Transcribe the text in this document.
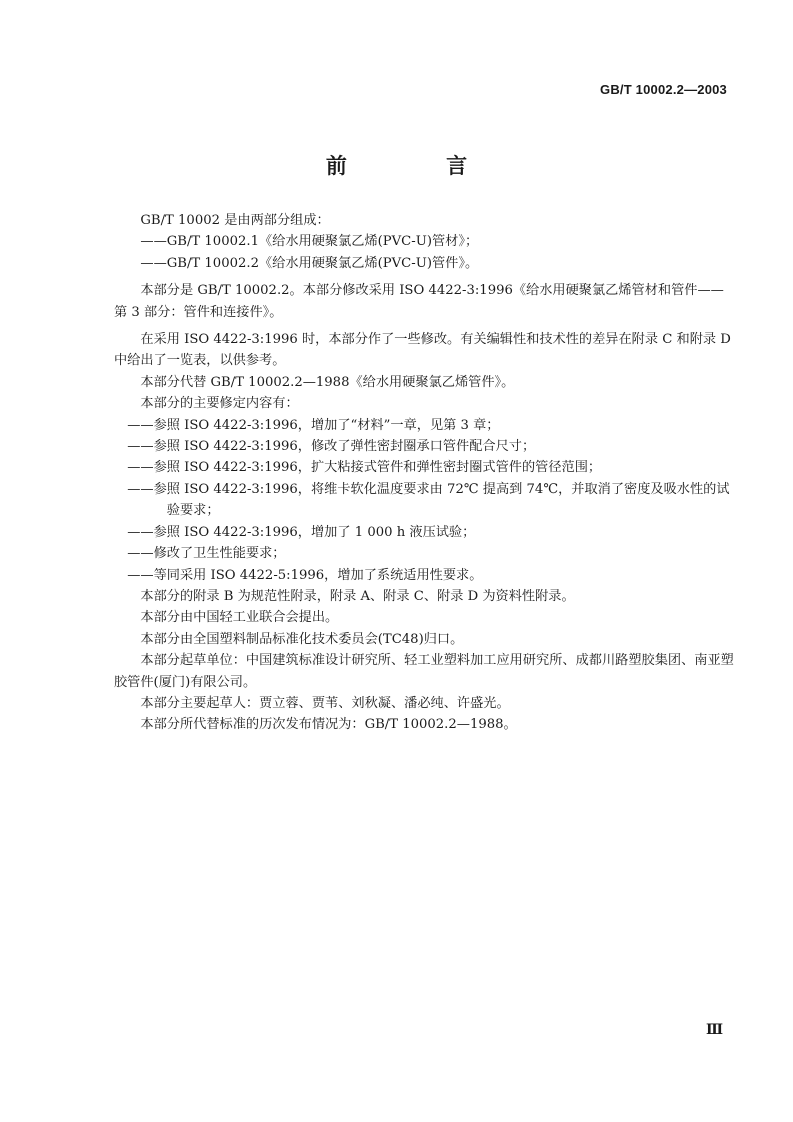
GB/T 10002.2—2003
前 言

GB/T 10002 是由两部分组成：

——GB/T 10002.1《给水用硬聚氯乙烯(PVC-U)管材》；

——GB/T 10002.2《给水用硬聚氯乙烯(PVC-U)管件》。

本部分是 GB/T 10002.2。本部分修改采用 ISO 4422-3:1996《给水用硬聚氯乙烯管材和管件——第 3 部分：管件和连接件》。

在采用 ISO 4422-3:1996 时，本部分作了一些修改。有关编辑性和技术性的差异在附录 C 和附录 D 中给出了一览表，以供参考。

本部分代替 GB/T 10002.2—1988《给水用硬聚氯乙烯管件》。

本部分的主要修定内容有：

——参照 ISO 4422-3:1996，增加了“材料”一章，见第 3 章；

——参照 ISO 4422-3:1996，修改了弹性密封圈承口管件配合尺寸；

——参照 ISO 4422-3:1996，扩大粘接式管件和弹性密封圈式管件的管径范围；

——参照 ISO 4422-3:1996，将维卡软化温度要求由 72℃ 提高到 74℃，并取消了密度及吸水性的试验要求；

——参照 ISO 4422-3:1996，增加了 1 000 h 液压试验；

——修改了卫生性能要求；

——等同采用 ISO 4422-5:1996，增加了系统适用性要求。

本部分的附录 B 为规范性附录，附录 A、附录 C、附录 D 为资料性附录。

本部分由中国轻工业联合会提出。

本部分由全国塑料制品标准化技术委员会(TC48)归口。

本部分起草单位：中国建筑标准设计研究所、轻工业塑料加工应用研究所、成都川路塑胶集团、南亚塑胶管件(厦门)有限公司。

本部分主要起草人：贾立蓉、贾苇、刘秋凝、潘必纯、许盛光。

本部分所代替标准的历次发布情况为：GB/T 10002.2—1988。

Ⅲ
